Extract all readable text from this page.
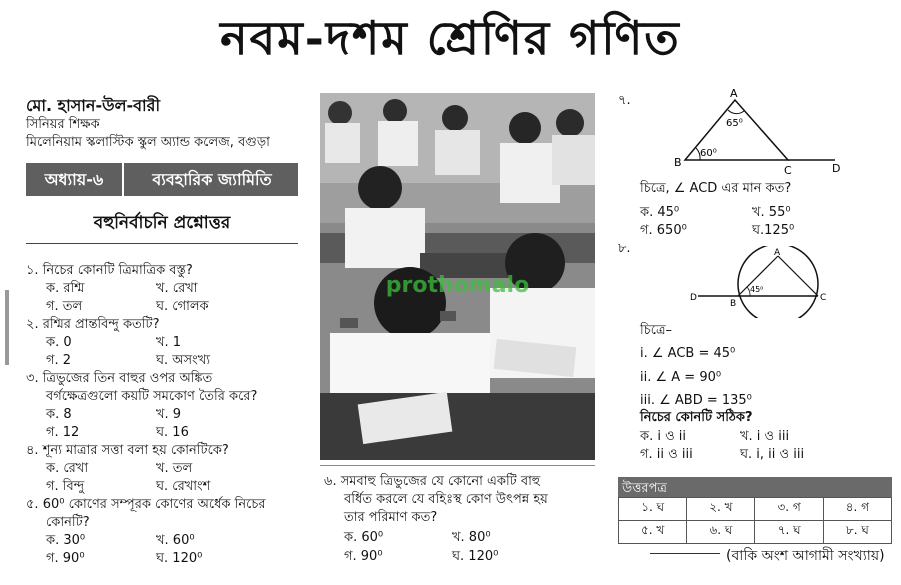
নবম-দশম শ্রেণির গণিত
মো. হাসান-উল-বারী
সিনিয়র শিক্ষক
মিলেনিয়াম স্কলাস্টিক স্কুল অ্যান্ড কলেজ, বগুড়া
অধ্যায়-৬	ব্যবহারিক জ্যামিতি
বহুনির্বাচনি প্রশ্নোত্তর
১. নিচের কোনটি ত্রিমাত্রিক বস্তু?
ক. রশ্মি	খ. রেখা
গ. তল	ঘ. গোলক
২. রশ্মির প্রান্তবিন্দু কতটি?
ক. 0	খ. 1
গ. 2	ঘ. অসংখ্য
৩. ত্রিভুজের তিন বাহুর ওপর অঙ্কিত
বর্গক্ষেত্রগুলো কয়টি সমকোণ তৈরি করে?
ক. 8	খ. 9
গ. 12	ঘ. 16
৪. শূন্য মাত্রার সত্তা বলা হয় কোনটিকে?
ক. রেখা	খ. তল
গ. বিন্দু	ঘ. রেখাংশ
৫. 60⁰ কোণের সম্পূরক কোণের অর্ধেক নিচের
কোনটি?
ক. 30⁰	খ. 60⁰
গ. 90⁰	ঘ. 120⁰
prothomalo
৬. সমবাহু ত্রিভুজের যে কোনো একটি বাহু
বর্ধিত করলে যে বহিঃস্থ কোণ উৎপন্ন হয়
তার পরিমাণ কত?
ক. 60⁰	খ. 80⁰
গ. 90⁰	ঘ. 120⁰
৭.	A
B
C	D
65⁰
60⁰
চিত্রে, ∠ ACD এর মান কত?
ক. 45⁰	খ. 55⁰
গ. 650⁰	ঘ.125⁰
৮.	A
B
C
D
45⁰
চিত্রে–
i. ∠ ACB = 45⁰
ii. ∠ A = 90⁰
iii. ∠ ABD = 135⁰
নিচের কোনটি সঠিক?
ক. i ও ii	খ. i ও iii
গ. ii ও iii	ঘ. i, ii ও iii
উত্তরপত্র
১. ঘ	২. খ	৩. গ	৪. গ
৫. খ	৬. ঘ	৭. ঘ	৮. ঘ
(বাকি অংশ আগামী সংখ্যায়)
